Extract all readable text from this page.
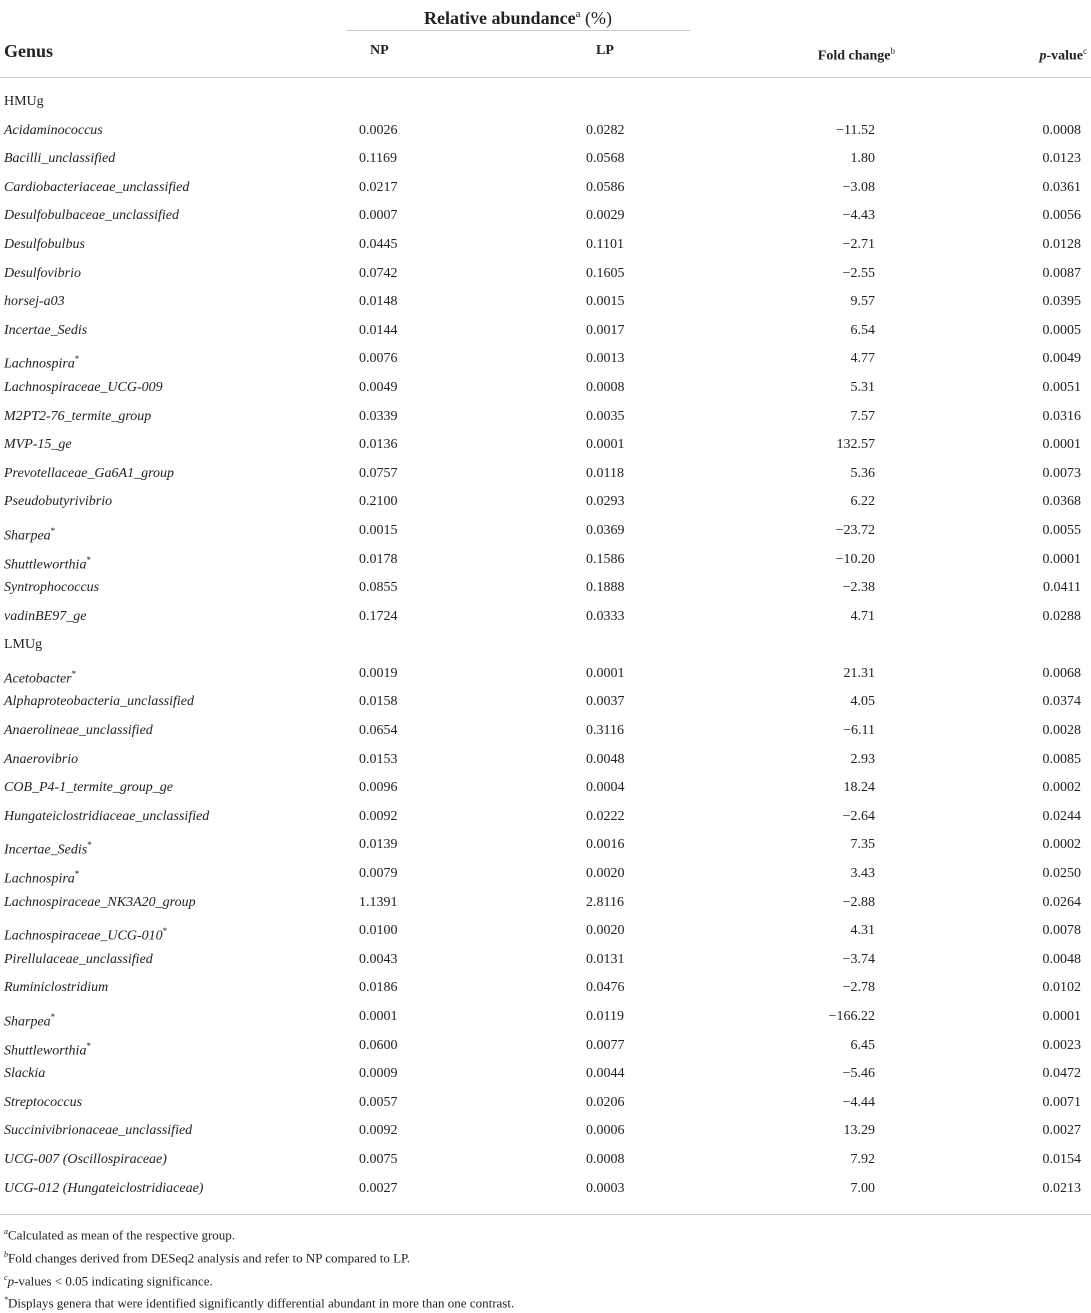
Relative abundance$^a$ (%)
Genus	NP	LP	Fold change$^b$	p-value$^c$
HMUg
Acidaminococcus	0.0026	0.0282	−11.52	0.0008
Bacilli_unclassified	0.1169	0.0568	1.80	0.0123
Cardiobacteriaceae_unclassified	0.0217	0.0586	−3.08	0.0361
Desulfobulbaceae_unclassified	0.0007	0.0029	−4.43	0.0056
Desulfobulbus	0.0445	0.1101	−2.71	0.0128
Desulfovibrio	0.0742	0.1605	−2.55	0.0087
horsej-a03	0.0148	0.0015	9.57	0.0395
Incertae_Sedis	0.0144	0.0017	6.54	0.0005
Lachnospira*	0.0076	0.0013	4.77	0.0049
Lachnospiraceae_UCG-009	0.0049	0.0008	5.31	0.0051
M2PT2-76_termite_group	0.0339	0.0035	7.57	0.0316
MVP-15_ge	0.0136	0.0001	132.57	0.0001
Prevotellaceae_Ga6A1_group	0.0757	0.0118	5.36	0.0073
Pseudobutyrivibrio	0.2100	0.0293	6.22	0.0368
Sharpea*	0.0015	0.0369	−23.72	0.0055
Shuttleworthia*	0.0178	0.1586	−10.20	0.0001
Syntrophococcus	0.0855	0.1888	−2.38	0.0411
vadinBE97_ge	0.1724	0.0333	4.71	0.0288
LMUg
Acetobacter*	0.0019	0.0001	21.31	0.0068
Alphaproteobacteria_unclassified	0.0158	0.0037	4.05	0.0374
Anaerolineae_unclassified	0.0654	0.3116	−6.11	0.0028
Anaerovibrio	0.0153	0.0048	2.93	0.0085
COB_P4-1_termite_group_ge	0.0096	0.0004	18.24	0.0002
Hungateiclostridiaceae_unclassified	0.0092	0.0222	−2.64	0.0244
Incertae_Sedis*	0.0139	0.0016	7.35	0.0002
Lachnospira*	0.0079	0.0020	3.43	0.0250
Lachnospiraceae_NK3A20_group	1.1391	2.8116	−2.88	0.0264
Lachnospiraceae_UCG-010*	0.0100	0.0020	4.31	0.0078
Pirellulaceae_unclassified	0.0043	0.0131	−3.74	0.0048
Ruminiclostridium	0.0186	0.0476	−2.78	0.0102
Sharpea*	0.0001	0.0119	−166.22	0.0001
Shuttleworthia*	0.0600	0.0077	6.45	0.0023
Slackia	0.0009	0.0044	−5.46	0.0472
Streptococcus	0.0057	0.0206	−4.44	0.0071
Succinivibrionaceae_unclassified	0.0092	0.0006	13.29	0.0027
UCG-007 (Oscillospiraceae)	0.0075	0.0008	7.92	0.0154
UCG-012 (Hungateiclostridiaceae)	0.0027	0.0003	7.00	0.0213
$^a$Calculated as mean of the respective group.
$^b$Fold changes derived from DESeq2 analysis and refer to NP compared to LP.
$^c$p-values < 0.05 indicating significance.
*Displays genera that were identified significantly differential abundant in more than one contrast.
